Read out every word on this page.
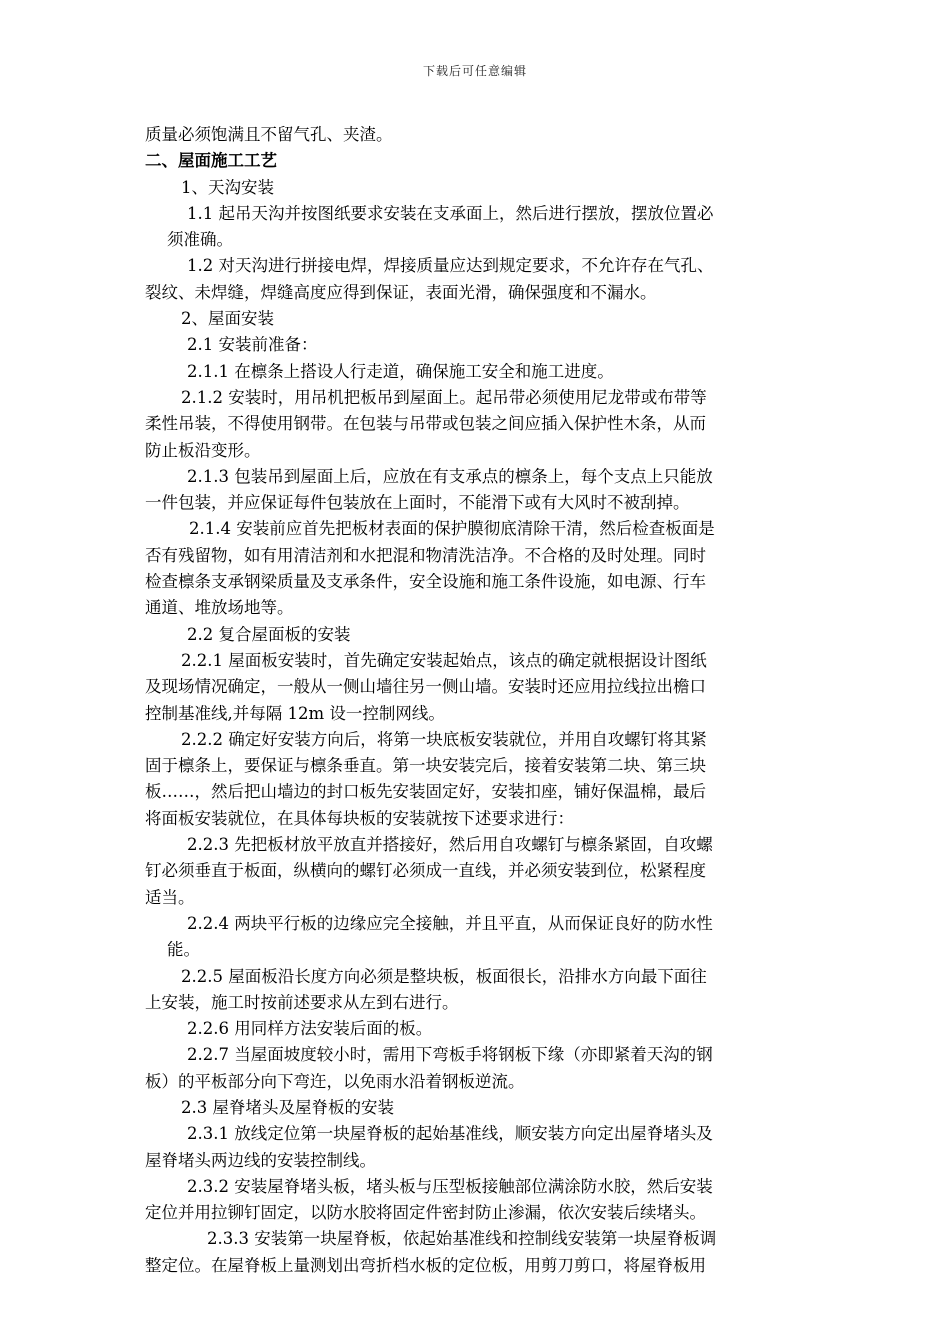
下载后可任意编辑
质量必须饱满且不留气孔、夹渣。
二、屋面施工工艺
1、天沟安装
1.1 起吊天沟并按图纸要求安装在支承面上，然后进行摆放，摆放位置必
须准确。
1.2 对天沟进行拼接电焊，焊接质量应达到规定要求，不允许存在气孔、
裂纹、未焊缝，焊缝高度应得到保证，表面光滑，确保强度和不漏水。
2、屋面安装
2.1 安装前准备：
2.1.1 在檩条上搭设人行走道，确保施工安全和施工进度。
2.1.2 安装时，用吊机把板吊到屋面上。起吊带必须使用尼龙带或布带等
柔性吊装，不得使用钢带。在包装与吊带或包装之间应插入保护性木条，从而
防止板沿变形。
2.1.3 包装吊到屋面上后，应放在有支承点的檩条上，每个支点上只能放
一件包装，并应保证每件包装放在上面时，不能滑下或有大风时不被刮掉。
2.1.4 安装前应首先把板材表面的保护膜彻底清除干清，然后检查板面是
否有残留物，如有用清洁剂和水把混和物清洗洁净。不合格的及时处理。同时
检查檩条支承钢梁质量及支承条件，安全设施和施工条件设施，如电源、行车
通道、堆放场地等。
2.2 复合屋面板的安装
2.2.1 屋面板安装时，首先确定安装起始点，该点的确定就根据设计图纸
及现场情况确定，一般从一侧山墙往另一侧山墙。安装时还应用拉线拉出檐口
控制基准线,并每隔 12m 设一控制网线。
2.2.2 确定好安装方向后，将第一块底板安装就位，并用自攻螺钉将其紧
固于檩条上，要保证与檩条垂直。第一块安装完后，接着安装第二块、第三块
板……，然后把山墙边的封口板先安装固定好，安装扣座，铺好保温棉，最后
将面板安装就位，在具体每块板的安装就按下述要求进行：
2.2.3 先把板材放平放直并搭接好，然后用自攻螺钉与檩条紧固，自攻螺
钉必须垂直于板面，纵横向的螺钉必须成一直线，并必须安装到位，松紧程度
适当。
2.2.4 两块平行板的边缘应完全接触，并且平直，从而保证良好的防水性
能。
2.2.5 屋面板沿长度方向必须是整块板，板面很长，沿排水方向最下面往
上安装，施工时按前述要求从左到右进行。
2.2.6 用同样方法安装后面的板。
2.2.7 当屋面坡度较小时，需用下弯板手将钢板下缘（亦即紧着天沟的钢
板）的平板部分向下弯迕，以免雨水沿着钢板逆流。
2.3 屋脊堵头及屋脊板的安装
2.3.1 放线定位第一块屋脊板的起始基准线，顺安装方向定出屋脊堵头及
屋脊堵头两边线的安装控制线。
2.3.2 安装屋脊堵头板，堵头板与压型板接触部位满涂防水胶，然后安装
定位并用拉铆钉固定，以防水胶将固定件密封防止渗漏，依次安装后续堵头。
2.3.3 安装第一块屋脊板，依起始基准线和控制线安装第一块屋脊板调
整定位。在屋脊板上量测划出弯折档水板的定位板，用剪刀剪口，将屋脊板用
